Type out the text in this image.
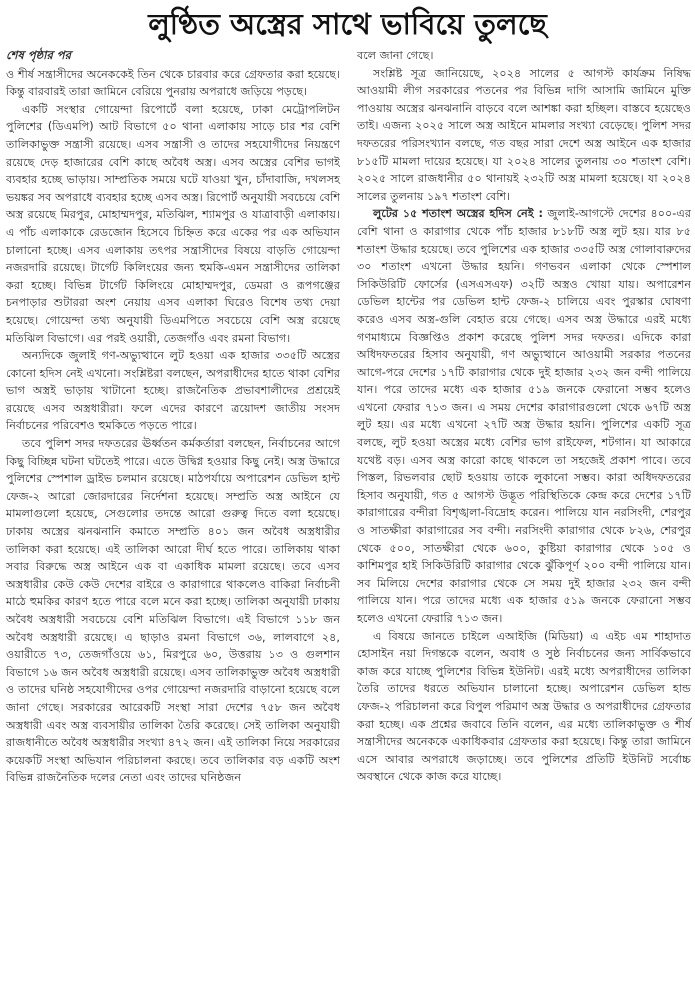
লুণ্ঠিত অস্ত্রের সাথে ভাবিয়ে তুলছে
শেষ পৃষ্ঠার পর

ও শীর্ষ সন্ত্রাসীদের অনেককেই তিন থেকে চারবার করে গ্রেফতার করা হয়েছে। কিন্তু বারবারই তারা জামিনে বেরিয়ে পুনরায় অপরাধে জড়িয়ে পড়ছে।

একটি সংস্থার গোয়েন্দা রিপোর্টে বলা হয়েছে, ঢাকা মেট্রোপলিটন পুলিশের (ডিএমপি) আট বিভাগে ৫০ থানা এলাকায় সাড়ে চার শর বেশি তালিকাভুক্ত সন্ত্রাসী রয়েছে। এসব সন্ত্রাসী ও তাদের সহযোগীদের নিয়ন্ত্রণে রয়েছে দেড় হাজারের বেশি কাছে অবৈধ অস্ত্র। এসব অস্ত্রের বেশির ভাগই ব্যবহার হচ্ছে ভাড়ায়। সাম্প্রতিক সময়ে ঘটে যাওয়া খুন, চাঁদাবাজি, দখলসহ ভয়ঙ্কর সব অপরাধে ব্যবহার হচ্ছে এসব অস্ত্র। রিপোর্ট অনুযায়ী সবচেয়ে বেশি অস্ত্র রয়েছে মিরপুর, মোহাম্মদপুর, মতিঝিল, শ্যামপুর ও যাত্রাবাড়ী এলাকায়। এ পাঁচ এলাকাকে রেডজোন হিসেবে চিহ্নিত করে একের পর এক অভিযান চালানো হচ্ছে। এসব এলাকায় তৎপর সন্ত্রাসীদের বিষয়ে বাড়তি গোয়েন্দা নজরদারি রয়েছে। টার্গেট কিলিংয়ের জন্য হুমকি-এমন সন্ত্রাসীদের তালিকা করা হচ্ছে। বিভিন্ন টার্গেট কিলিংয়ে মোহাম্মদপুর, ডেমরা ও রূপগঞ্জের চনপাড়ার শুটাররা অংশ নেয়ায় এসব এলাকা ঘিরেও বিশেষ তথ্য দেয়া হয়েছে। গোয়েন্দা তথ্য অনুযায়ী ডিএমপিতে সবচেয়ে বেশি অস্ত্র রয়েছে মতিঝিল বিভাগে। এর পরই ওয়ারী, তেজগাঁও এবং রমনা বিভাগ।

অন্যদিকে জুলাই গণ-অভ্যুত্থানে লুট হওয়া এক হাজার ৩৩৫টি অস্ত্রের কোনো হদিস নেই এখনো। সংশ্লিষ্টরা বলছেন, অপরাধীদের হাতে থাকা বেশির ভাগ অস্ত্রই ভাড়ায় খাটানো হচ্ছে। রাজনৈতিক প্রভাবশালীদের প্রশ্রয়েই রয়েছে এসব অস্ত্রধারীরা। ফলে এদের কারণে ত্রয়োদশ জাতীয় সংসদ নির্বাচনের পরিবেশও হুমকিতে পড়তে পারে।

তবে পুলিশ সদর দফতরের ঊর্ধ্বতন কর্মকর্তারা বলছেন, নির্বাচনের আগে কিছু বিচ্ছিন্ন ঘটনা ঘটতেই পারে। এতে উদ্বিগ্ন হওয়ার কিছু নেই। অস্ত্র উদ্ধারে পুলিশের স্পেশাল ড্রাইভ চলমান রয়েছে। মাঠপর্যায়ে অপারেশন ডেভিল হান্ট ফেজ-২ আরো জোরদারের নির্দেশনা হয়েছে। সম্প্রতি অস্ত্র আইনে যে মামলাগুলো হয়েছে, সেগুলোর তদন্তে আরো গুরুত্ব দিতে বলা হয়েছে। ঢাকায় অস্ত্রের ঝনঝনানি কমাতে সম্প্রতি ৪০১ জন অবৈধ অস্ত্রধারীর তালিকা করা হয়েছে। এই তালিকা আরো দীর্ঘ হতে পারে। তালিকায় থাকা সবার বিরুদ্ধে অস্ত্র আইনে এক বা একাধিক মামলা রয়েছে। তবে এসব অস্ত্রধারীর কেউ কেউ দেশের বাইরে ও কারাগারে থাকলেও বাকিরা নির্বাচনী মাঠে হুমকির কারণ হতে পারে বলে মনে করা হচ্ছে। তালিকা অনুযায়ী ঢাকায় অবৈধ অস্ত্রধারী সবচেয়ে বেশি মতিঝিল বিভাগে। এই বিভাগে ১১৮ জন অবৈধ অস্ত্রধারী রয়েছে। এ ছাড়াও রমনা বিভাগে ৩৬, লালবাগে ২৪, ওয়ারীতে ৭৩, তেজগাঁওয়ে ৬১, মিরপুরে ৬০, উত্তরায় ১৩ ও গুলশান বিভাগে ১৬ জন অবৈধ অস্ত্রধারী রয়েছে। এসব তালিকাভুক্ত অবৈধ অস্ত্রধারী ও তাদের ঘনিষ্ঠ সহযোগীদের ওপর গোয়েন্দা নজরদারি বাড়ানো হয়েছে বলে জানা গেছে। সরকারের আরেকটি সংস্থা সারা দেশের ৭৫৮ জন অবৈধ অস্ত্রধারী এবং অস্ত্র ব্যবসায়ীর তালিকা তৈরি করেছে। সেই তালিকা অনুযায়ী রাজধানীতে অবৈধ অস্ত্রধারীর সংখ্যা ৪৭২ জন। এই তালিকা নিয়ে সরকারের কয়েকটি সংস্থা অভিযান পরিচালনা করছে। তবে তালিকার বড় একটি অংশ বিভিন্ন রাজনৈতিক দলের নেতা এবং তাদের ঘনিষ্ঠজন

বলে জানা গেছে।

সংশ্লিষ্ট সূত্র জানিয়েছে, ২০২৪ সালের ৫ আগস্ট কার্যক্রম নিষিদ্ধ আওয়ামী লীগ সরকারের পতনের পর বিভিন্ন দাগি আসামি জামিনে মুক্তি পাওয়ায় অস্ত্রের ঝনঝনানি বাড়বে বলে আশঙ্কা করা হচ্ছিল। বাস্তবে হয়েছেও তাই। এজন্য ২০২৫ সালে অস্ত্র আইনে মামলার সংখ্যা বেড়েছে। পুলিশ সদর দফতরের পরিসংখ্যান বলছে, গত বছর সারা দেশে অস্ত্র আইনে এক হাজার ৮১৫টি মামলা দায়ের হয়েছে। যা ২০২৪ সালের তুলনায় ৩০ শতাংশ বেশি। ২০২৫ সালে রাজধানীর ৫০ থানায়ই ২৩২টি অস্ত্র মামলা হয়েছে। যা ২০২৪ সালের তুলনায় ১৯৭ শতাংশ বেশি।

লুটের ১৫ শতাংশ অস্ত্রের হদিস নেই : জুলাই-আগস্টে দেশের ৪০০-এর বেশি থানা ও কারাগার থেকে পাঁচ হাজার ৮১৮টি অস্ত্র লুট হয়। যার ৮৫ শতাংশ উদ্ধার হয়েছে। তবে পুলিশের এক হাজার ৩৩৫টি অস্ত্র গোলাবারুদের ৩০ শতাংশ এখনো উদ্ধার হয়নি। গণভবন এলাকা থেকে স্পেশাল সিকিউরিটি ফোর্সের (এসএসএফ) ৩২টি অস্ত্রও খোয়া যায়। অপারেশন ডেভিল হান্টের পর ডেভিল হান্ট ফেজ-২ চালিয়ে এবং পুরস্কার ঘোষণা করেও এসব অস্ত্র-গুলি বেহাত রয়ে গেছে। এসব অস্ত্র উদ্ধারে এরই মধ্যে গণমাধ্যমে বিজ্ঞপ্তিও প্রকাশ করেছে পুলিশ সদর দফতর। এদিকে কারা অধিদফতরের হিসাব অনুযায়ী, গণ অভ্যুত্থানে আওয়ামী সরকার পতনের আগে-পরে দেশের ১৭টি কারাগার থেকে দুই হাজার ২৩২ জন বন্দী পালিয়ে যান। পরে তাদের মধ্যে এক হাজার ৫১৯ জনকে ফেরানো সম্ভব হলেও এখনো ফেরার ৭১৩ জন। এ সময় দেশের কারাগারগুলো থেকে ৬৭টি অস্ত্র লুট হয়। এর মধ্যে এখনো ২৭টি অস্ত্র উদ্ধার হয়নি। পুলিশের একটি সূত্র বলছে, লুট হওয়া অস্ত্রের মধ্যে বেশির ভাগ রাইফেল, শটগান। যা আকারে যথেষ্ট বড়। এসব অস্ত্র কারো কাছে থাকলে তা সহজেই প্রকাশ পাবে। তবে পিস্তল, রিভলবার ছোট হওয়ায় তাকে লুকানো সম্ভব। কারা অধিদফতরের হিসাব অনুযায়ী, গত ৫ আগস্ট উদ্ভূত পরিস্থিতিকে কেন্দ্র করে দেশের ১৭টি কারাগারের বন্দীরা বিশৃঙ্খলা-বিদ্রোহ করেন। পালিয়ে যান নরসিংদী, শেরপুর ও সাতক্ষীরা কারাগারের সব বন্দী। নরসিংদী কারাগার থেকে ৮২৬, শেরপুর থেকে ৫০০, সাতক্ষীরা থেকে ৬০০, কুষ্টিয়া কারাগার থেকে ১০৫ ও কাশিমপুর হাই সিকিউরিটি কারাগার থেকে ঝুঁকিপূর্ণ ২০০ বন্দী পালিয়ে যান। সব মিলিয়ে দেশের কারাগার থেকে সে সময় দুই হাজার ২৩২ জন বন্দী পালিয়ে যান। পরে তাদের মধ্যে এক হাজার ৫১৯ জনকে ফেরানো সম্ভব হলেও এখনো ফেরারি ৭১৩ জন।

এ বিষয়ে জানতে চাইলে এআইজি (মিডিয়া) এ এইচ এম শাহাদাত হোসাইন নয়া দিগন্তকে বলেন, অবাধ ও সুষ্ঠ নির্বাচনের জন্য সার্বিকভাবে কাজ করে যাচ্ছে পুলিশের বিভিন্ন ইউনিট। এরই মধ্যে অপরাধীদের তালিকা তৈরি তাদের ধরতে অভিযান চালানো হচ্ছে। অপারেশন ডেভিল হান্ড ফেজ-২ পরিচালনা করে বিপুল পরিমাণ অস্ত্র উদ্ধার ও অপরাধীদের গ্রেফতার করা হচ্ছে। এক প্রশ্নের জবাবে তিনি বলেন, এর মধ্যে তালিকাভুক্ত ও শীর্ষ সন্ত্রাসীদের অনেককে একাধিকবার গ্রেফতার করা হয়েছে। কিন্তু তারা জামিনে এসে আবার অপরাধে জড়াচ্ছে। তবে পুলিশের প্রতিটি ইউনিট সর্বোচ্চ অবস্থানে থেকে কাজ করে যাচ্ছে।
